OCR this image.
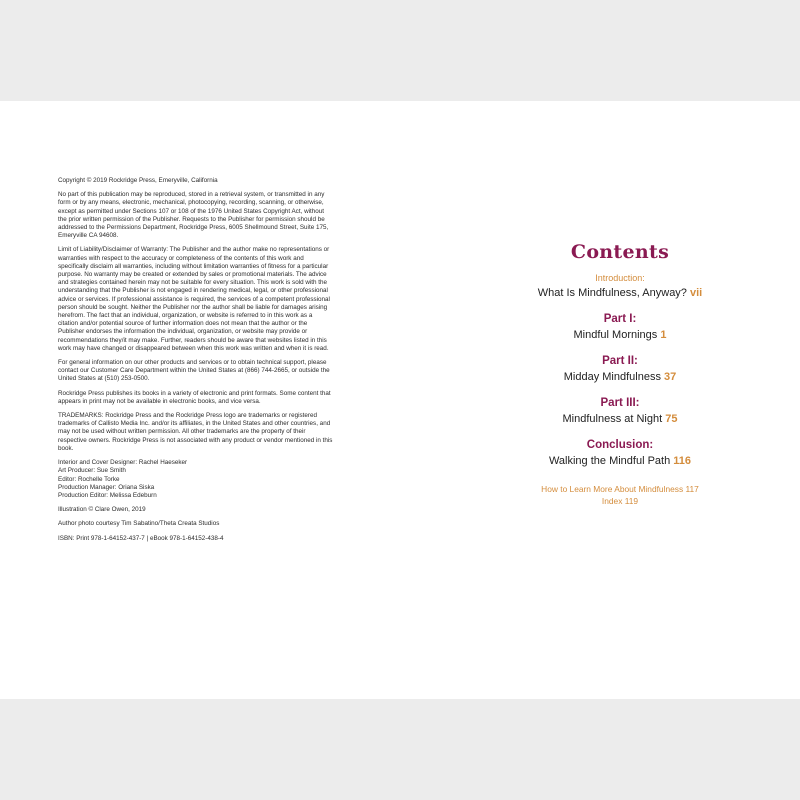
Copyright © 2019 Rockridge Press, Emeryville, California

No part of this publication may be reproduced, stored in a retrieval system, or transmitted in any form or by any means, electronic, mechanical, photocopying, recording, scanning, or otherwise, except as permitted under Sections 107 or 108 of the 1976 United States Copyright Act, without the prior written permission of the Publisher. Requests to the Publisher for permission should be addressed to the Permissions Department, Rockridge Press, 6005 Shellmound Street, Suite 175, Emeryville CA 94608.

Limit of Liability/Disclaimer of Warranty: The Publisher and the author make no representations or warranties with respect to the accuracy or completeness of the contents of this work and specifically disclaim all warranties, including without limitation warranties of fitness for a particular purpose. No warranty may be created or extended by sales or promotional materials. The advice and strategies contained herein may not be suitable for every situation. This work is sold with the understanding that the Publisher is not engaged in rendering medical, legal, or other professional advice or services. If professional assistance is required, the services of a competent professional person should be sought. Neither the Publisher nor the author shall be liable for damages arising herefrom. The fact that an individual, organization, or website is referred to in this work as a citation and/or potential source of further information does not mean that the author or the Publisher endorses the information the individual, organization, or website may provide or recommendations they/it may make. Further, readers should be aware that websites listed in this work may have changed or disappeared between when this work was written and when it is read.

For general information on our other products and services or to obtain technical support, please contact our Customer Care Department within the United States at (866) 744-2665, or outside the United States at (510) 253-0500.

Rockridge Press publishes its books in a variety of electronic and print formats. Some content that appears in print may not be available in electronic books, and vice versa.

TRADEMARKS: Rockridge Press and the Rockridge Press logo are trademarks or registered trademarks of Callisto Media Inc. and/or its affiliates, in the United States and other countries, and may not be used without written permission. All other trademarks are the property of their respective owners. Rockridge Press is not associated with any product or vendor mentioned in this book.

Interior and Cover Designer: Rachel Haeseker

Art Producer: Sue Smith

Editor: Rochelle Torke

Production Manager: Oriana Siska

Production Editor: Melissa Edeburn

Illustration © Clare Owen, 2019

Author photo courtesy Tim Sabatino/Theta Creata Studios

ISBN: Print 978-1-64152-437-7 | eBook 978-1-64152-438-4

Contents
Introduction:
What Is Mindfulness, Anyway? vii
Part I:
Mindful Mornings 1
Part II:
Midday Mindfulness 37
Part III:
Mindfulness at Night 75
Conclusion:
Walking the Mindful Path 116
How to Learn More About Mindfulness 117
Index 119
